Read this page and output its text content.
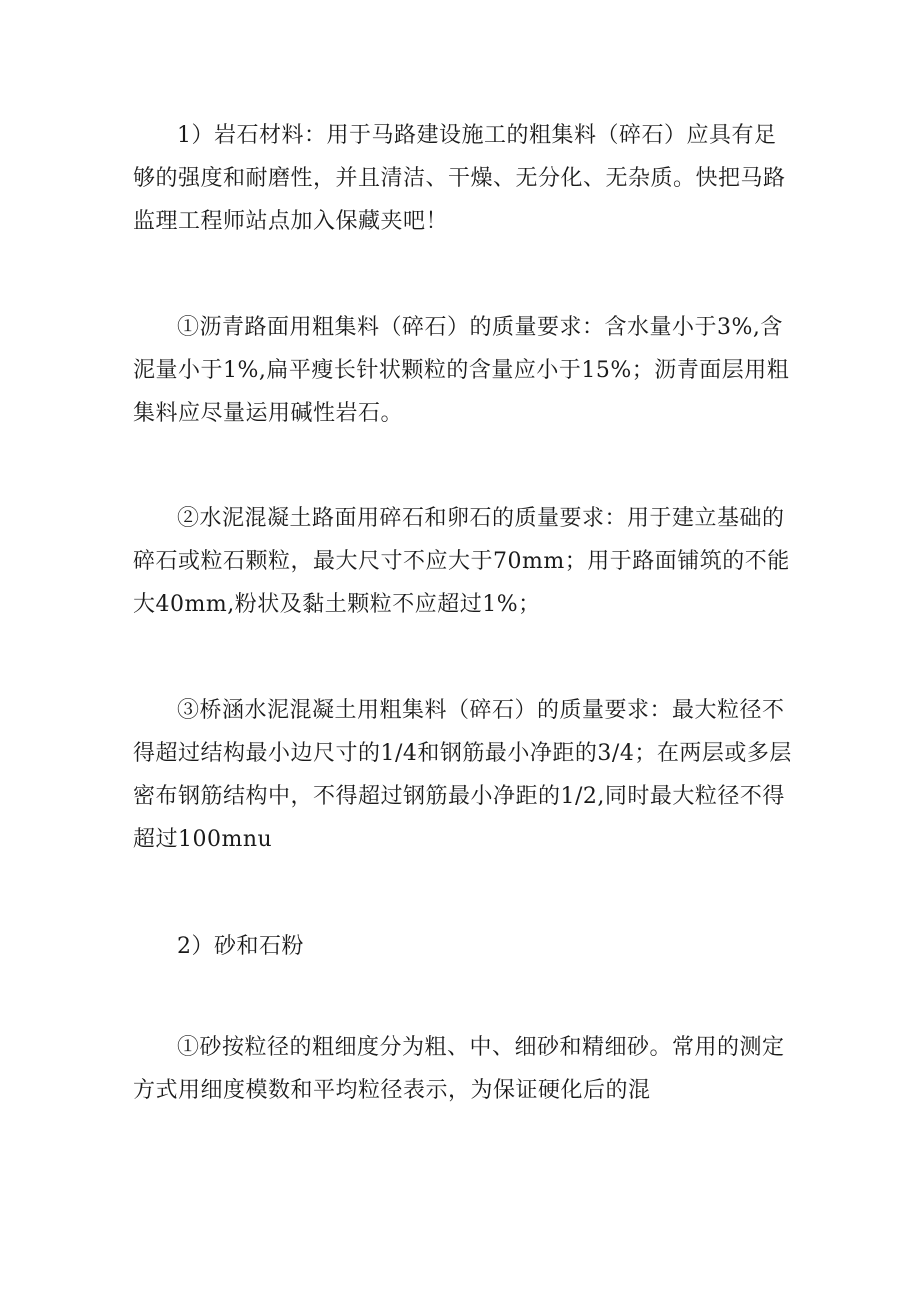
1）岩石材料：用于马路建设施工的粗集料（碎石）应具有足够的强度和耐磨性，并且清洁、干燥、无分化、无杂质。快把马路监理工程师站点加入保藏夹吧！

①沥青路面用粗集料（碎石）的质量要求：含水量小于3%,含泥量小于1%,扁平瘦长针状颗粒的含量应小于15%；沥青面层用粗集料应尽量运用碱性岩石。

②水泥混凝土路面用碎石和卵石的质量要求：用于建立基础的碎石或粒石颗粒，最大尺寸不应大于70mm；用于路面铺筑的不能大40mm,粉状及黏土颗粒不应超过1%；

③桥涵水泥混凝土用粗集料（碎石）的质量要求：最大粒径不得超过结构最小边尺寸的1/4和钢筋最小净距的3/4；在两层或多层密布钢筋结构中，不得超过钢筋最小净距的1/2,同时最大粒径不得超过100mnu

2）砂和石粉

①砂按粒径的粗细度分为粗、中、细砂和精细砂。常用的测定方式用细度模数和平均粒径表示，为保证硬化后的混
